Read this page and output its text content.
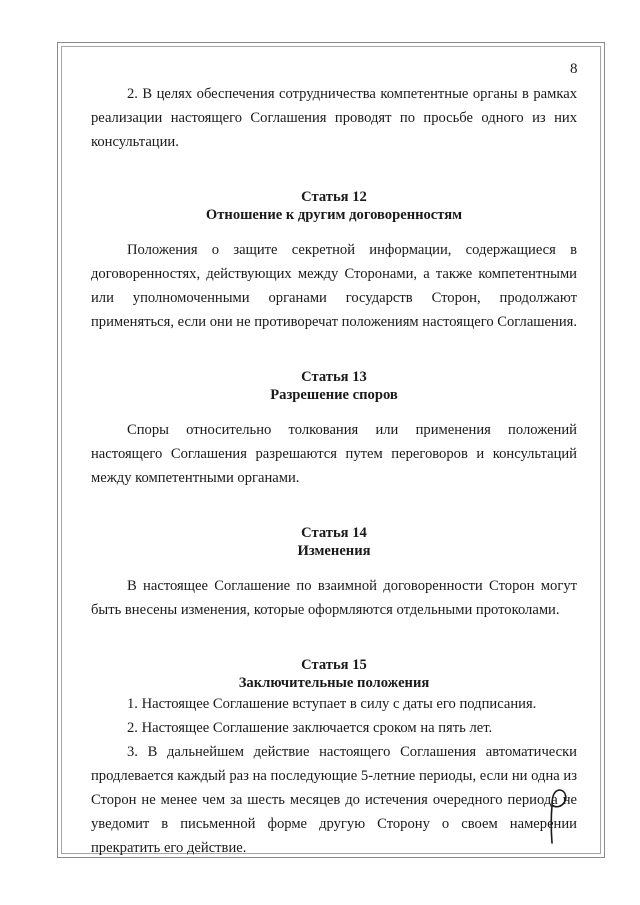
8

2. В целях обеспечения сотрудничества компетентные органы в рамках реализации настоящего Соглашения проводят по просьбе одного из них консультации.

Статья 12

Отношение к другим договоренностям

Положения о защите секретной информации, содержащиеся в договоренностях, действующих между Сторонами, а также компетентными или уполномоченными органами государств Сторон, продолжают применяться, если они не противоречат положениям настоящего Соглашения.

Статья 13

Разрешение споров

Споры относительно толкования или применения положений настоящего Соглашения разрешаются путем переговоров и консультаций между компетентными органами.

Статья 14

Изменения

В настоящее Соглашение по взаимной договоренности Сторон могут быть внесены изменения, которые оформляются отдельными протоколами.

Статья 15

Заключительные положения

1. Настоящее Соглашение вступает в силу с даты его подписания.

2. Настоящее Соглашение заключается сроком на пять лет.

3. В дальнейшем действие настоящего Соглашения автоматически продлевается каждый раз на последующие 5-летние периоды, если ни одна из Сторон не менее чем за шесть месяцев до истечения очередного периода не уведомит в письменной форме другую Сторону о своем намерении прекратить его действие.
